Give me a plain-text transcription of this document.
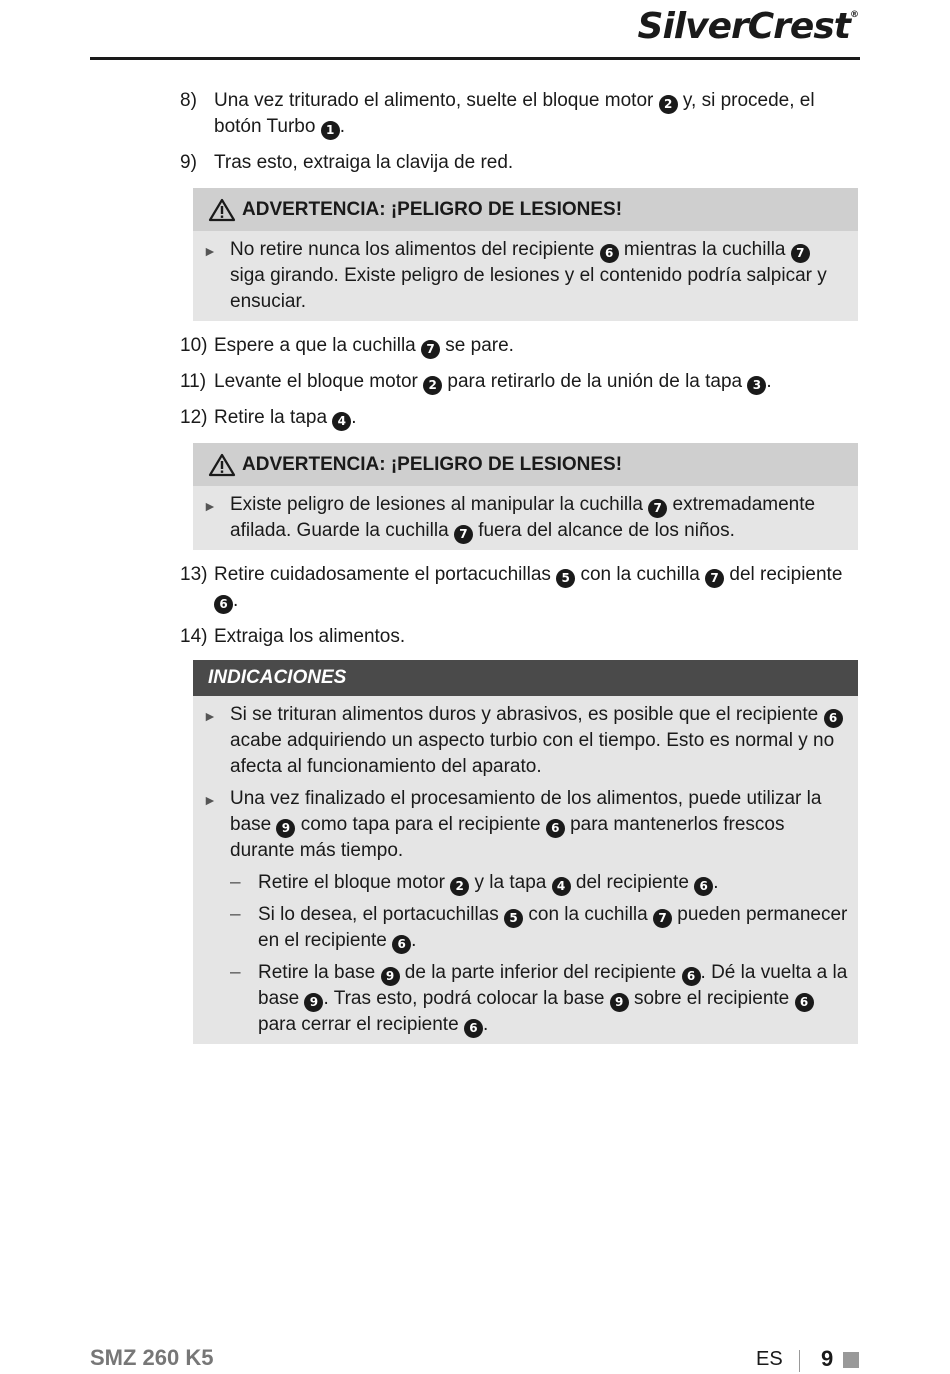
SilverCrest®
8) Una vez triturado el alimento, suelte el bloque motor 2 y, si procede, el botón Turbo 1 .
9) Tras esto, extraiga la clavija de red.
ADVERTENCIA: ¡PELIGRO DE LESIONES!
►
No retire nunca los alimentos del recipiente 6 mientras la cuchilla 7 siga girando. Existe peligro de lesiones y el contenido podría salpicar y ensuciar.
10) Espere a que la cuchilla 7 se pare.
11) Levante el bloque motor 2 para retirarlo de la unión de la tapa 3 .
12) Retire la tapa 4 .
ADVERTENCIA: ¡PELIGRO DE LESIONES!
►
Existe peligro de lesiones al manipular la cuchilla 7 extremadamente afilada. Guarde la cuchilla 7 fuera del alcance de los niños.
13) Retire cuidadosamente el portacuchillas 5 con la cuchilla 7 del recipiente 6 .
14) Extraiga los alimentos.
INDICACIONES
►
Si se trituran alimentos duros y abrasivos, es posible que el recipiente 6 acabe adquiriendo un aspecto turbio con el tiempo. Esto es normal y no afecta al funcionamiento del aparato.
►
Una vez finalizado el procesamiento de los alimentos, puede utilizar la base 9 como tapa para el recipiente 6 para mantenerlos frescos durante más tiempo.
– Retire el bloque motor 2 y la tapa 4 del recipiente 6 .
– Si lo desea, el portacuchillas 5 con la cuchilla 7 pueden permanecer en el recipiente 6 .
– Retire la base 9 de la parte inferior del recipiente 6 . Dé la vuelta a la base 9 . Tras esto, podrá colocar la base 9 sobre el recipiente 6 para cerrar el recipiente 6 .
SMZ 260 K5	ES 9
